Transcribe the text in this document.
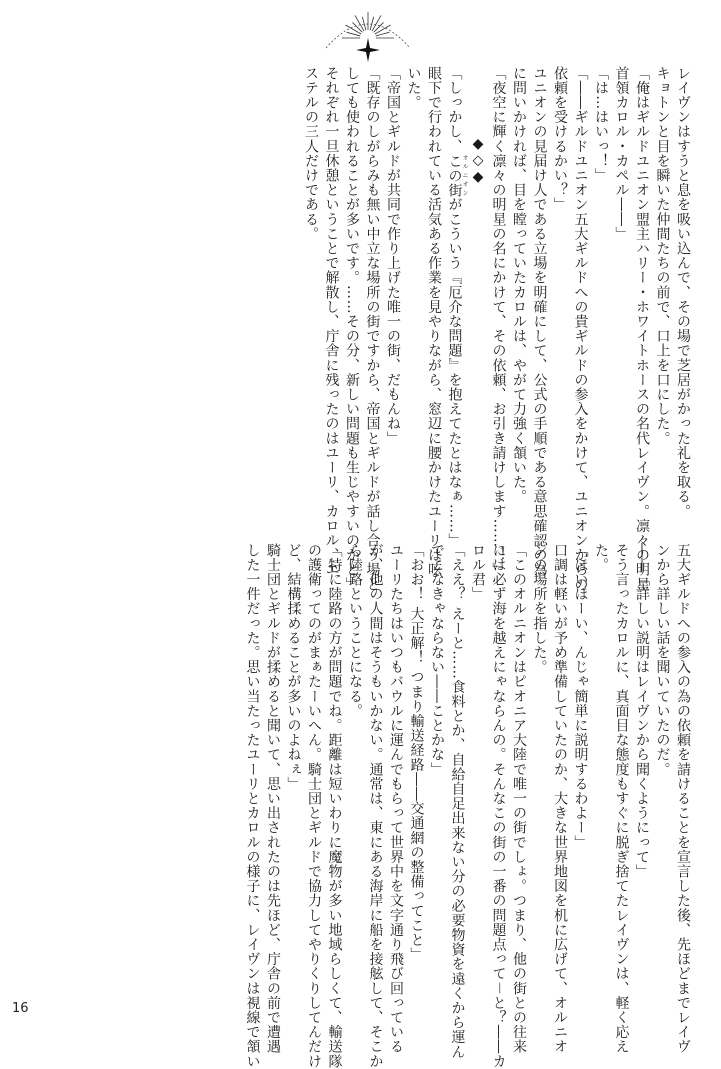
レイヴンはすうと息を吸い込んで、その場で芝居がかった礼を取る。
キョトンと目を瞬いた仲間たちの前で、口上を口にした。
「俺はギルドユニオン盟主ハリー・ホワイトホースの名代レイヴン。凛々の明星
首領カロル・カペル――」
「は…はいっ！」
「――ギルドユニオン五大ギルドへの貴ギルドの参入をかけて、ユニオンからの
依頼を受けるかい？」
ユニオンの見届け人である立場を明確にして、公式の手順である意思確認の為
に問いかければ、目を瞠っていたカロルは、やがて力強く頷いた。
「夜空に輝く凛々の明星の名にかけて、その依頼、お引き請けします……！」
◆◇◆
「しっかし、この街オルニオンがこういう『厄介な問題』を抱えてたとはなぁ……」
眼下で行われている活気ある作業を見やりながら、窓辺に腰かけたユーリは呟
いた。
「帝国とギルドが共同で作り上げた唯一の街、だもんね」
「既存のしがらみも無い中立な場所の街ですから、帝国とギルドが話し合う場と
しても使われることが多いです。……その分、新しい問題も生じやすいのかと」
それぞれ一旦休憩ということで解散し、庁舎に残ったのはユーリ、カロル、エ
ステルの三人だけである。
五大ギルドへの参入の為の依頼を請けることを宣言した後、先ほどまでレイヴ
ンから詳しい話を聞いていたのだ。
――「詳しい説明はレイヴンから聞くようにって」
そう言ったカロルに、真面目な態度もすぐに脱ぎ捨てたレイヴンは、軽く応え
た。
「ほいほーい、んじゃ簡単に説明するわよー」
口調は軽いが予め準備していたのか、大きな世界地図を机に広げて、オルニオ
ンの場所を指した。
「このオルニオンはピオニア大陸で唯一の街でしょ。つまり、他の街との往来
には必ず海を越えにゃならんの。そんなこの街の一番の問題点って－と？――カ
ロル君」
「ええ？ えーと……食料とか、自給自足出来ない分の必要物資を遠くから運ん
でこなきゃならない――ことかな」
「おお！ 大正解！ つまり輸送経路――交通網の整備ってこと」
ユーリたちはいつもバウルに運んでもらって世界中を文字通り飛び回っている
が、他の人間はそうもいかない。通常は、東にある海岸に船を接舷して、そこか
ら陸路ということになる。
「特に陸路の方が問題でね。距離は短いわりに魔物が多い地域らしくて、輸送隊
の護衛ってのがまぁたーいへん。騎士団とギルドで協力してやりくりしてんだけ
ど、結構揉めることが多いのよねぇ」
騎士団とギルドが揉めると聞いて、思い出されたのは先ほど、庁舎の前で遭遇
した一件だった。思い当たったユーリとカロルの様子に、レイヴンは視線で頷い
16
